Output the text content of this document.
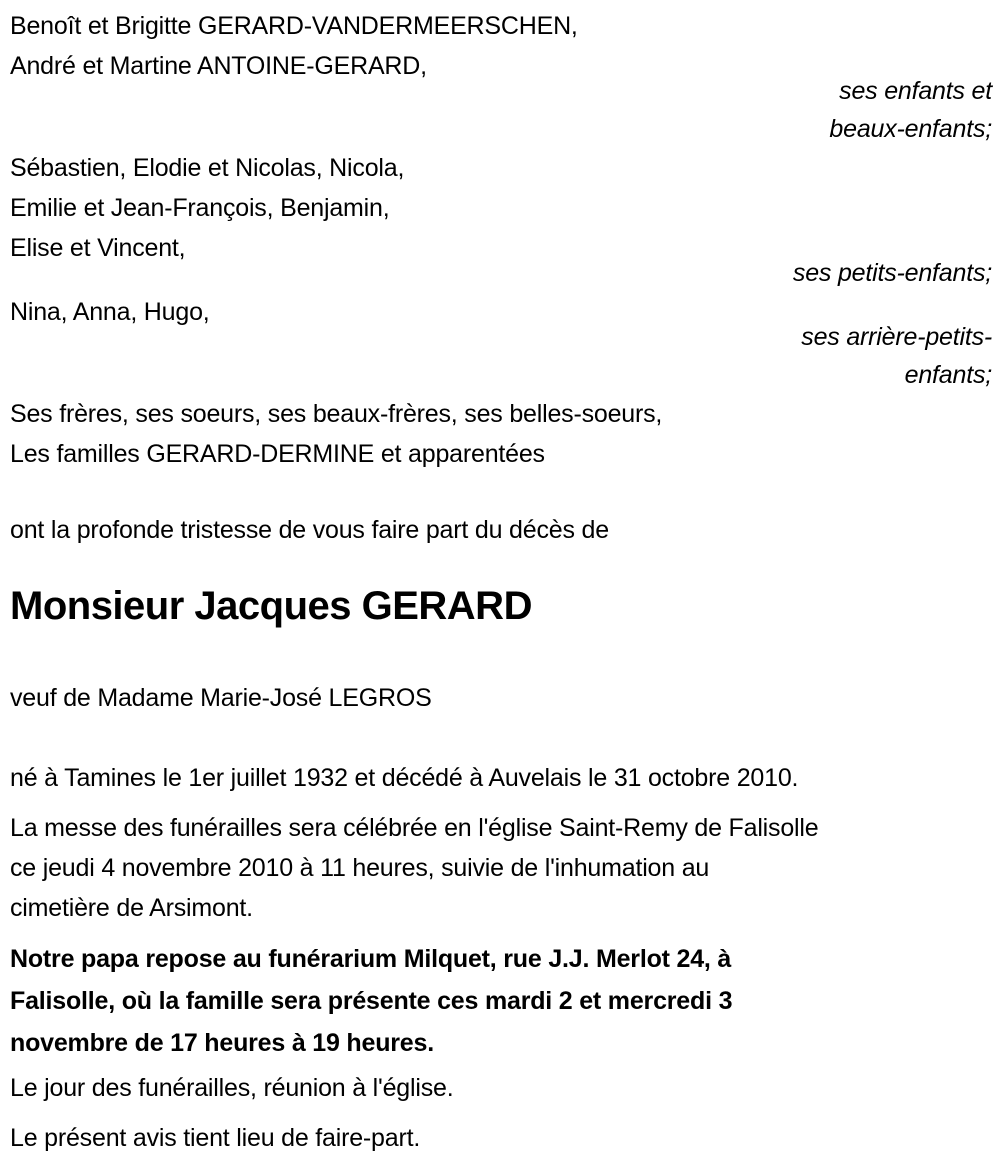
Benoît et Brigitte GERARD-VANDERMEERSCHEN,
André et Martine ANTOINE-GERARD,
ses enfants et
beaux-enfants;
Sébastien, Elodie et Nicolas, Nicola,
Emilie et Jean-François, Benjamin,
Elise et Vincent,
ses petits-enfants;
Nina, Anna, Hugo,
ses arrière-petits-
enfants;
Ses frères, ses soeurs, ses beaux-frères, ses belles-soeurs,
Les familles GERARD-DERMINE et apparentées
ont la profonde tristesse de vous faire part du décès de
Monsieur Jacques GERARD
veuf de Madame Marie-José LEGROS
né à Tamines le 1er juillet 1932 et décédé à Auvelais le 31 octobre 2010.
La messe des funérailles sera célébrée en l'église Saint-Remy de Falisolle
ce jeudi 4 novembre 2010 à 11 heures, suivie de l'inhumation au
cimetière de Arsimont.
Notre papa repose au funérarium Milquet, rue J.J. Merlot 24, à
Falisolle, où la famille sera présente ces mardi 2 et mercredi 3
novembre de 17 heures à 19 heures.
Le jour des funérailles, réunion à l'église.
Le présent avis tient lieu de faire-part.
